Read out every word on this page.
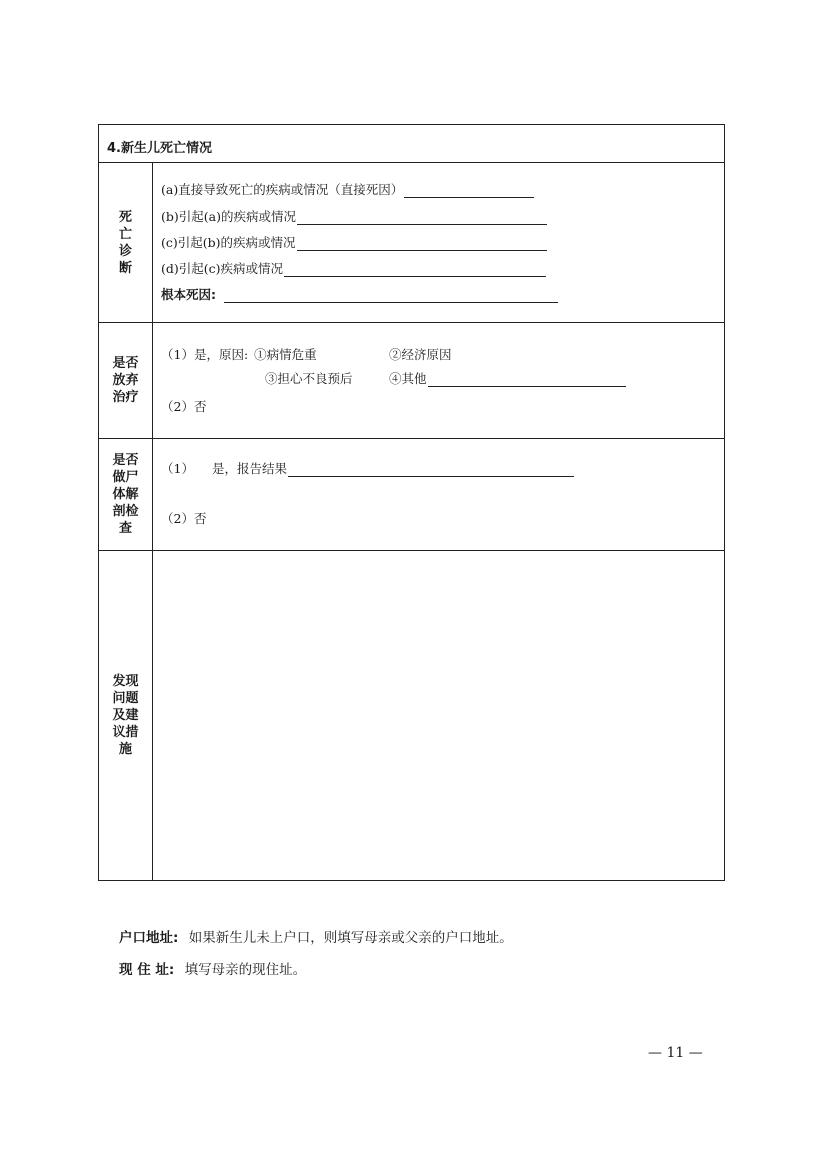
4.新生儿死亡情况
死亡诊断
(a)直接导致死亡的疾病或情况（直接死因）
(b)引起(a)的疾病或情况
(c)引起(b)的疾病或情况
(d)引起(c)疾病或情况
根本死因:
是否放弃治疗
（1）是，原因: ①病情危重	②经济原因
③担心不良预后	④其他
（2）否
是否做尸体解剖检查
（1） 是，报告结果
（2）否
发现问题及建议措施
户口地址: 如果新生儿未上户口，则填写母亲或父亲的户口地址。
现 住 址: 填写母亲的现住址。
— 11 —
